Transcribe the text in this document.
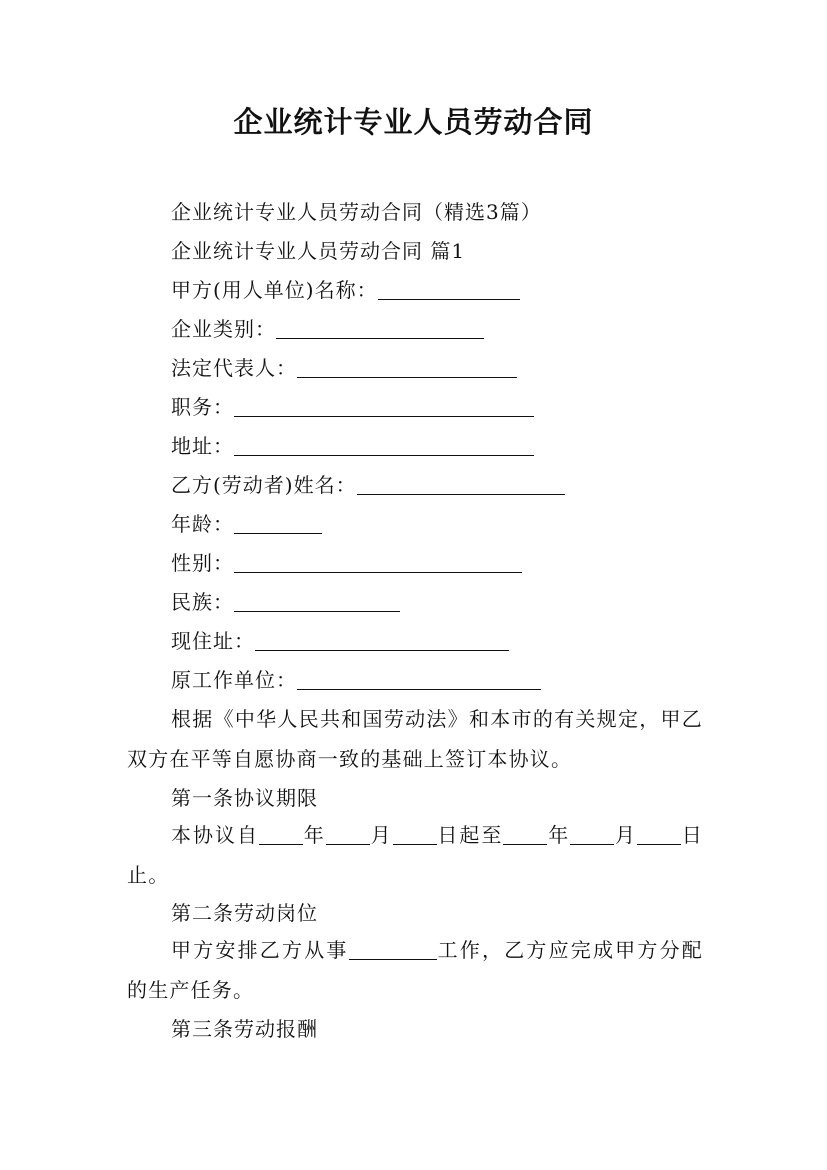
企业统计专业人员劳动合同
企业统计专业人员劳动合同（精选3篇）
企业统计专业人员劳动合同 篇1
甲方(用人单位)名称：
企业类别：
法定代表人：
职务：
地址：
乙方(劳动者)姓名：
年龄：
性别：
民族：
现住址：
原工作单位：
根据《中华人民共和国劳动法》和本市的有关规定，甲乙双方在平等自愿协商一致的基础上签订本协议。
第一条协议期限
本协议自 年 月 日起至 年 月 日止。
第二条劳动岗位
甲方安排乙方从事	工作，乙方应完成甲方分配的生产任务。
第三条劳动报酬
